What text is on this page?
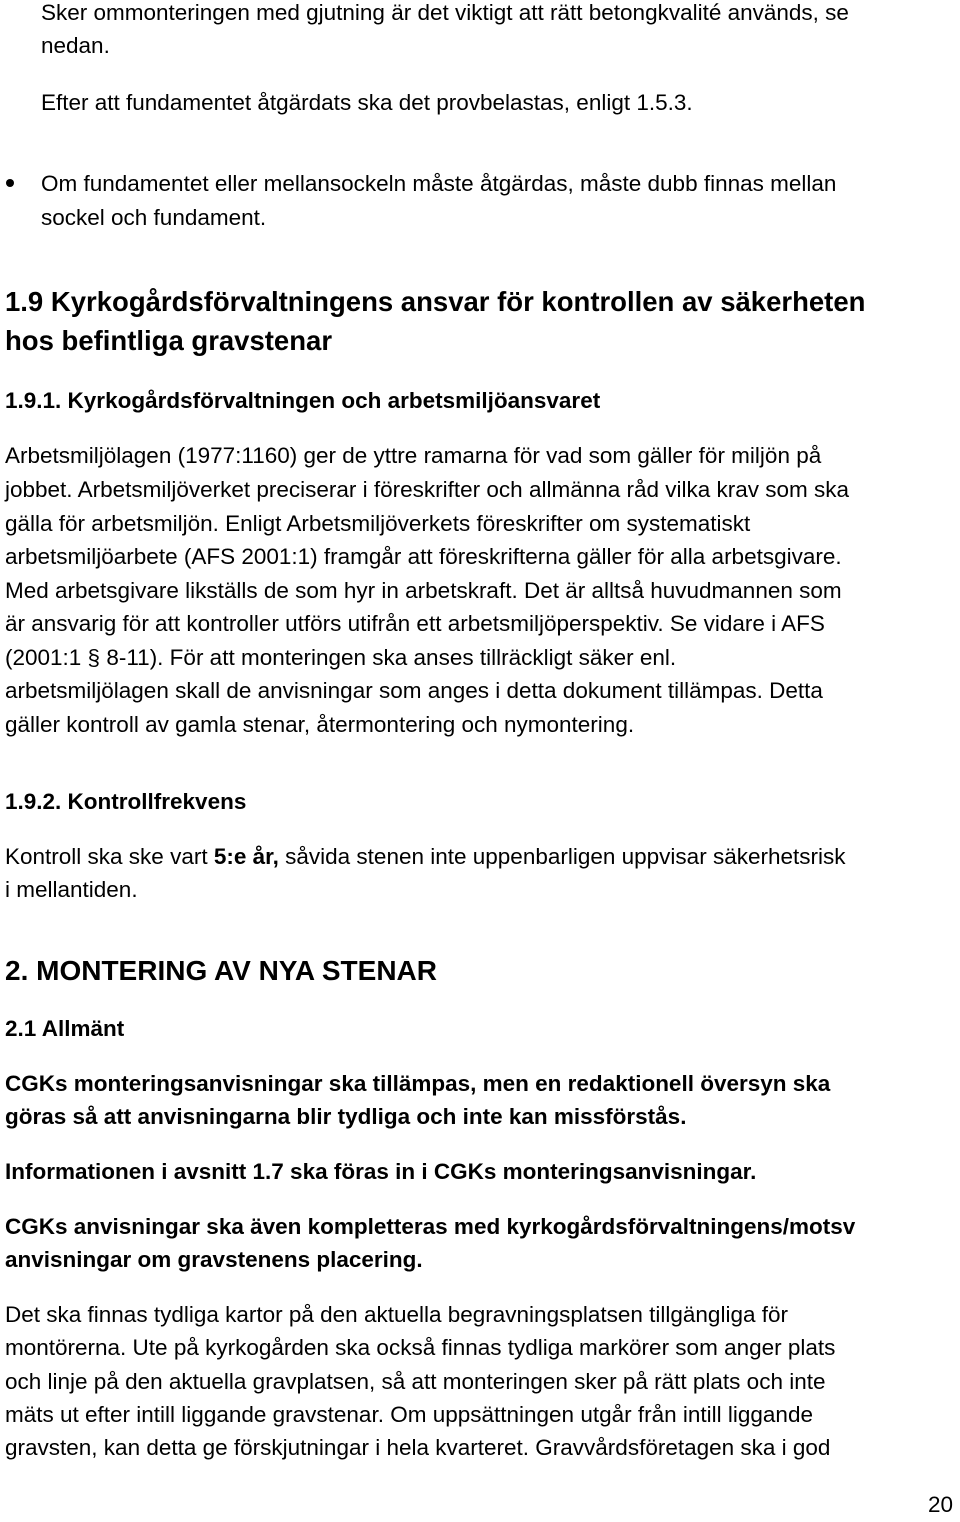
Sker ommonteringen med gjutning är det viktigt att rätt betongkvalité används, se
nedan.
Efter att fundamentet åtgärdats ska det provbelastas, enligt 1.5.3.
Om fundamentet eller mellansockeln måste åtgärdas, måste dubb finnas mellan
sockel och fundament.
1.9 Kyrkogårdsförvaltningens ansvar för kontrollen av säkerheten
hos befintliga gravstenar
1.9.1. Kyrkogårdsförvaltningen och arbetsmiljöansvaret
Arbetsmiljölagen (1977:1160) ger de yttre ramarna för vad som gäller för miljön på
jobbet. Arbetsmiljöverket preciserar i föreskrifter och allmänna råd vilka krav som ska
gälla för arbetsmiljön. Enligt Arbetsmiljöverkets föreskrifter om systematiskt
arbetsmiljöarbete (AFS 2001:1) framgår att föreskrifterna gäller för alla arbetsgivare.
Med arbetsgivare likställs de som hyr in arbetskraft. Det är alltså huvudmannen som
är ansvarig för att kontroller utförs utifrån ett arbetsmiljöperspektiv. Se vidare i AFS
(2001:1 § 8-11). För att monteringen ska anses tillräckligt säker enl.
arbetsmiljölagen skall de anvisningar som anges i detta dokument tillämpas. Detta
gäller kontroll av gamla stenar, återmontering och nymontering.
1.9.2. Kontrollfrekvens
Kontroll ska ske vart 5:e år, såvida stenen inte uppenbarligen uppvisar säkerhetsrisk
i mellantiden.
2. MONTERING AV NYA STENAR
2.1 Allmänt
CGKs monteringsanvisningar ska tillämpas, men en redaktionell översyn ska
göras så att anvisningarna blir tydliga och inte kan missförstås.
Informationen i avsnitt 1.7 ska föras in i CGKs monteringsanvisningar.
CGKs anvisningar ska även kompletteras med kyrkogårdsförvaltningens/motsv
anvisningar om gravstenens placering.
Det ska finnas tydliga kartor på den aktuella begravningsplatsen tillgängliga för
montörerna. Ute på kyrkogården ska också finnas tydliga markörer som anger plats
och linje på den aktuella gravplatsen, så att monteringen sker på rätt plats och inte
mäts ut efter intill liggande gravstenar. Om uppsättningen utgår från intill liggande
gravsten, kan detta ge förskjutningar i hela kvarteret. Gravvårdsföretagen ska i god
20
